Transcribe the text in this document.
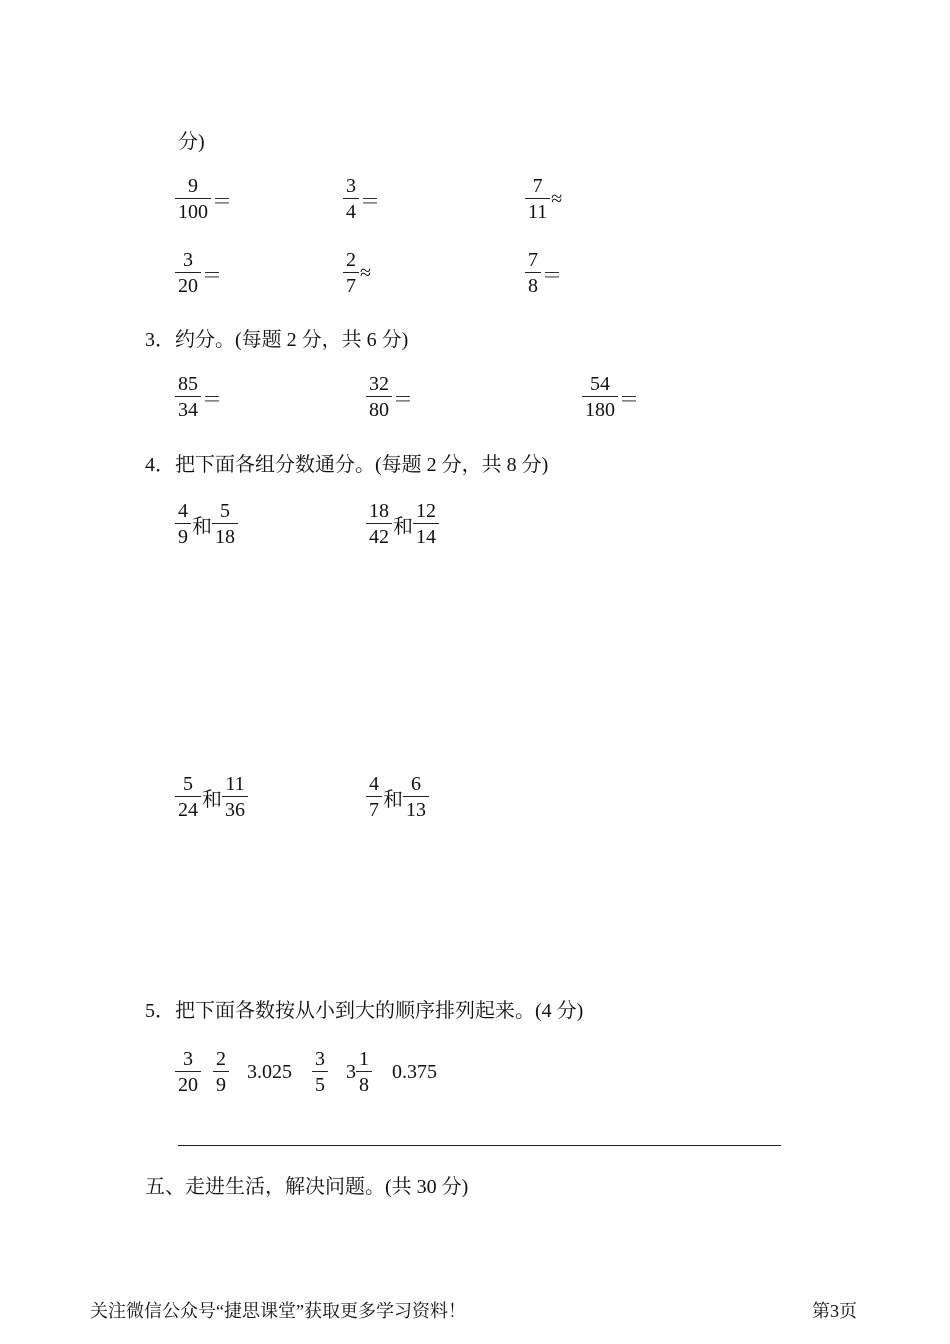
分)
$\frac{9}{100}$ ＝	$\frac{3}{4}$ ＝	$\frac{7}{11}$ ≈
$\frac{3}{20}$ ＝	$\frac{2}{7}$ ≈	$\frac{7}{8}$ ＝
3．约分。(每题 2 分，共 6 分)
$\frac{85}{34}$ ＝	$\frac{32}{80}$ ＝	$\frac{54}{180}$ ＝
4．把下面各组分数通分。(每题 2 分，共 8 分)
$\frac{4}{9}$ 和 $\frac{5}{18}$	$\frac{18}{42}$ 和 $\frac{12}{14}$
$\frac{5}{24}$ 和 $\frac{11}{36}$	$\frac{4}{7}$ 和 $\frac{6}{13}$
5．把下面各数按从小到大的顺序排列起来。(4 分)
$\frac{3}{20} \frac{2}{9} 3.025 \frac{3}{5} 3 \frac{1}{8} 0.375$
五、走进生活，解决问题。(共 30 分)
关注微信公众号“捷思课堂”获取更多学习资料！	第3页
